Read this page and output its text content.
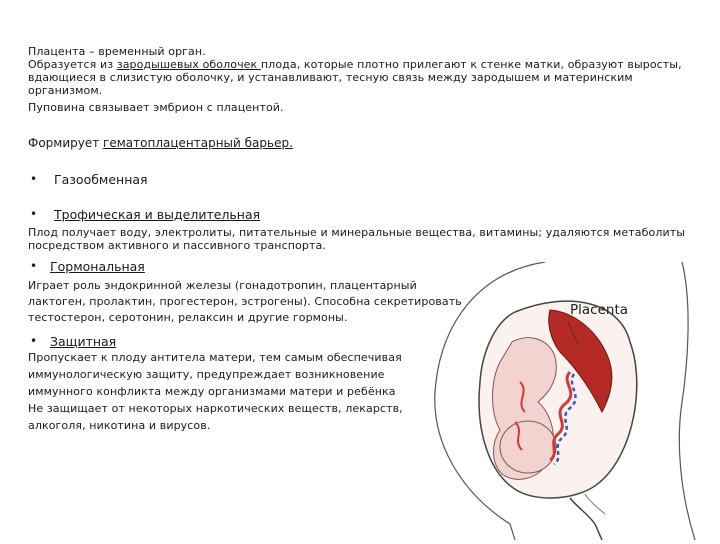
Плацента – временный орган.
Образуется из зародышевых оболочек плода, которые плотно прилегают к стенке матки, образуют выросты,
вдающиеся в слизистую оболочку, и устанавливают, тесную связь между зародышем и материнским
организмом.
Пуповина связывает эмбрион с плацентой.
Формирует гематоплацентарный барьер.
• Газообменная
• Трофическая и выделительная
Плод получает воду, электролиты, питательные и минеральные вещества, витамины; удаляются метаболиты
посредством активного и пассивного транспорта.
• Гормональная
Играет роль эндокринной железы (гонадотропин, плацентарный
лактоген, пролактин, прогестерон, эстрогены). Способна секретировать
тестостерон, серотонин, релаксин и другие гормоны.
• Защитная
Пропускает к плоду антитела матери, тем самым обеспечивая
иммунологическую защиту, предупреждает возникновение
иммунного конфликта между организмами матери и ребёнка
Не защищает от некоторых наркотических веществ, лекарств,
алкоголя, никотина и вирусов.
Placenta
